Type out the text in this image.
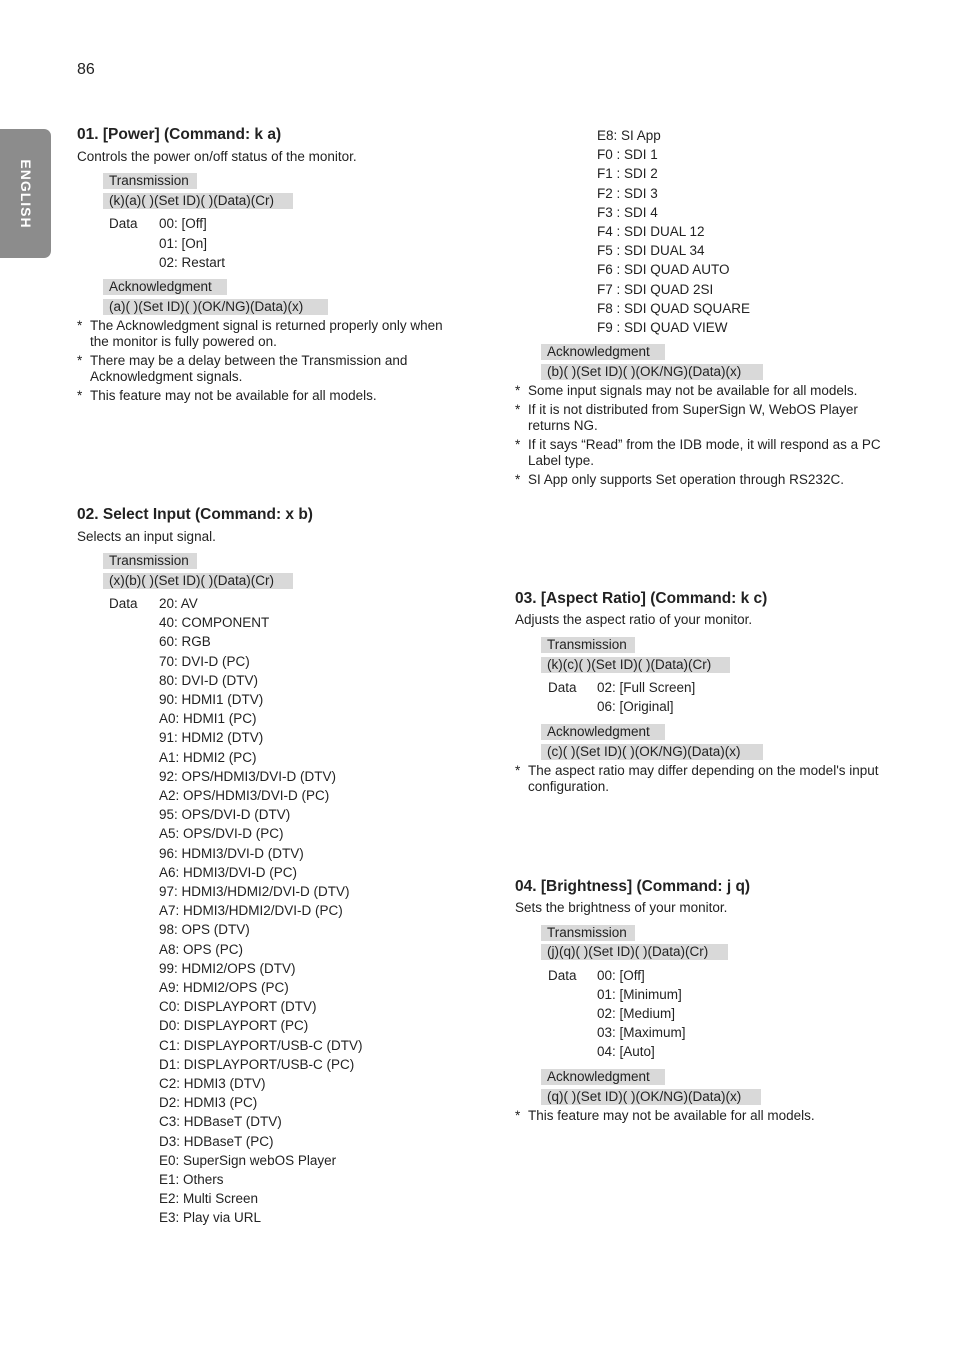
86
ENGLISH
01. [Power] (Command: k a)
Controls the power on/off status of the monitor.
Transmission
(k)(a)( )(Set ID)( )(Data)(Cr)
Data 00: [Off]
01: [On]
02: Restart
Acknowledgment
(a)( )(Set ID)( )(OK/NG)(Data)(x)
* The Acknowledgment signal is returned properly only when
the monitor is fully powered on.
* There may be a delay between the Transmission and
Acknowledgment signals.
* This feature may not be available for all models.
02. Select Input (Command: x b)
Selects an input signal.
Transmission
(x)(b)( )(Set ID)( )(Data)(Cr)
Data 20: AV
40: COMPONENT
60: RGB
70: DVI-D (PC)
80: DVI-D (DTV)
90: HDMI1 (DTV)
A0: HDMI1 (PC)
91: HDMI2 (DTV)
A1: HDMI2 (PC)
92: OPS/HDMI3/DVI-D (DTV)
A2: OPS/HDMI3/DVI-D (PC)
95: OPS/DVI-D (DTV)
A5: OPS/DVI-D (PC)
96: HDMI3/DVI-D (DTV)
A6: HDMI3/DVI-D (PC)
97: HDMI3/HDMI2/DVI-D (DTV)
A7: HDMI3/HDMI2/DVI-D (PC)
98: OPS (DTV)
A8: OPS (PC)
99: HDMI2/OPS (DTV)
A9: HDMI2/OPS (PC)
C0: DISPLAYPORT (DTV)
D0: DISPLAYPORT (PC)
C1: DISPLAYPORT/USB-C (DTV)
D1: DISPLAYPORT/USB-C (PC)
C2: HDMI3 (DTV)
D2: HDMI3 (PC)
C3: HDBaseT (DTV)
D3: HDBaseT (PC)
E0: SuperSign webOS Player
E1: Others
E2: Multi Screen
E3: Play via URL
E8: SI App
F0 : SDI 1
F1 : SDI 2
F2 : SDI 3
F3 : SDI 4
F4 : SDI DUAL 12
F5 : SDI DUAL 34
F6 : SDI QUAD AUTO
F7 : SDI QUAD 2SI
F8 : SDI QUAD SQUARE
F9 : SDI QUAD VIEW
Acknowledgment
(b)( )(Set ID)( )(OK/NG)(Data)(x)
* Some input signals may not be available for all models.
* If it is not distributed from SuperSign W, WebOS Player
returns NG.
* If it says “Read” from the IDB mode, it will respond as a PC
Label type.
* SI App only supports Set operation through RS232C.
03. [Aspect Ratio] (Command: k c)
Adjusts the aspect ratio of your monitor.
Transmission
(k)(c)( )(Set ID)( )(Data)(Cr)
Data 02: [Full Screen]
06: [Original]
Acknowledgment
(c)( )(Set ID)( )(OK/NG)(Data)(x)
* The aspect ratio may differ depending on the model's input
configuration.
04. [Brightness] (Command: j q)
Sets the brightness of your monitor.
Transmission
(j)(q)( )(Set ID)( )(Data)(Cr)
Data 00: [Off]
01: [Minimum]
02: [Medium]
03: [Maximum]
04: [Auto]
Acknowledgment
(q)( )(Set ID)( )(OK/NG)(Data)(x)
* This feature may not be available for all models.
